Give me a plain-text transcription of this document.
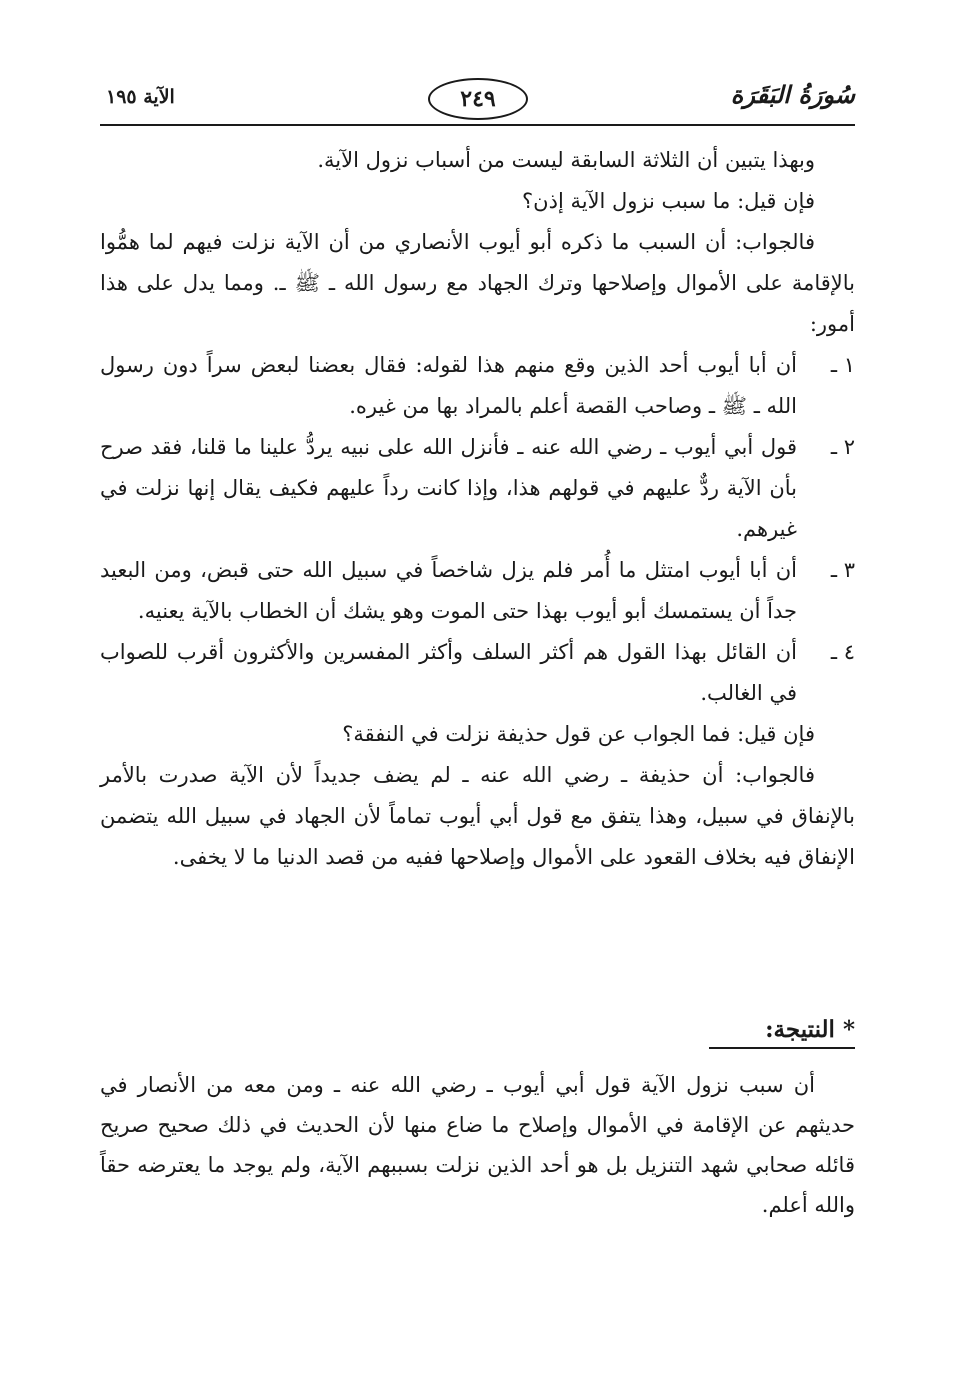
سُورَةُ البَقَرَة
٢٤٩
الآية ١٩٥

وبهذا يتبين أن الثلاثة السابقة ليست من أسباب نزول الآية.

فإن قيل: ما سبب نزول الآية إذن؟

فالجواب: أن السبب ما ذكره أبو أيوب الأنصاري من أن الآية نزلت فيهم لما همُّوا بالإقامة على الأموال وإصلاحها وترك الجهاد مع رسول الله ـ ﷺ ـ. ومما يدل على هذا أمور:

١ ـ
أن أبا أيوب أحد الذين وقع منهم هذا لقوله: فقال بعضنا لبعض سراً دون رسول الله ـ ﷺ ـ وصاحب القصة أعلم بالمراد بها من غيره.
٢ ـ
قول أبي أيوب ـ رضي الله عنه ـ فأنزل الله على نبيه يردُّ علينا ما قلنا، فقد صرح بأن الآية ردٌّ عليهم في قولهم هذا، وإذا كانت رداً عليهم فكيف يقال إنها نزلت في غيرهم.
٣ ـ
أن أبا أيوب امتثل ما أُمر فلم يزل شاخصاً في سبيل الله حتى قبض، ومن البعيد جداً أن يستمسك أبو أيوب بهذا حتى الموت وهو يشك أن الخطاب بالآية يعنيه.
٤ ـ
أن القائل بهذا القول هم أكثر السلف وأكثر المفسرين والأكثرون أقرب للصواب في الغالب.

فإن قيل: فما الجواب عن قول حذيفة نزلت في النفقة؟

فالجواب: أن حذيفة ـ رضي الله عنه ـ لم يضف جديداً لأن الآية صدرت بالأمر بالإنفاق في سبيل، وهذا يتفق مع قول أبي أيوب تماماً لأن الجهاد في سبيل الله يتضمن الإنفاق فيه بخلاف القعود على الأموال وإصلاحها ففيه من قصد الدنيا ما لا يخفى.

* النتيجة:

أن سبب نزول الآية قول أبي أيوب ـ رضي الله عنه ـ ومن معه من الأنصار في حديثهم عن الإقامة في الأموال وإصلاح ما ضاع منها لأن الحديث في ذلك صحيح صريح قائله صحابي شهد التنزيل بل هو أحد الذين نزلت بسببهم الآية، ولم يوجد ما يعترضه حقاً والله أعلم.
